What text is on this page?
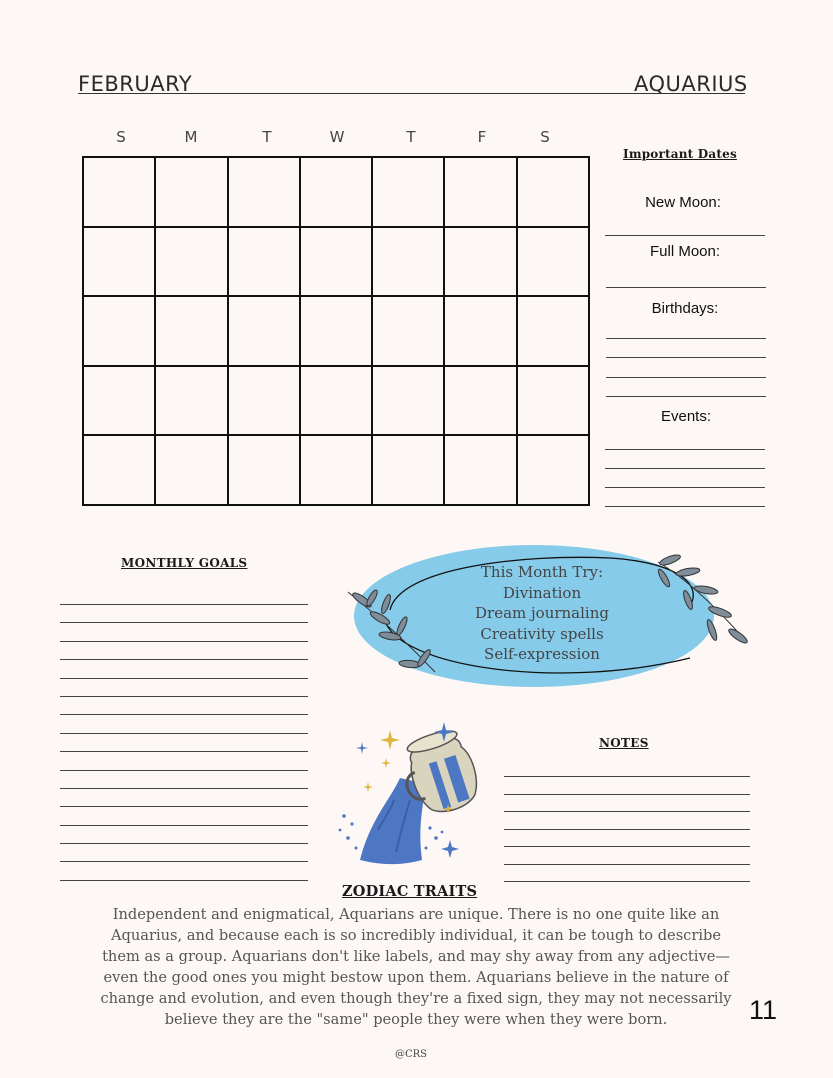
FEBRUARY	AQUARIUS
S	M	T	W	T	F	S
Important Dates
New Moon:
Full Moon:
Birthdays:
Events:
MONTHLY GOALS	This Month Try:
Divination
Dream journaling
Creativity spells
Self-expression
NOTES
ZODIAC TRAITS
Independent and enigmatical, Aquarians are unique. There is no one quite like an Aquarius, and because each is so incredibly individual, it can be tough to describe them as a group. Aquarians don't like labels, and may shy away from any adjective—even the good ones you might bestow upon them. Aquarians believe in the nature of change and evolution, and even though they're a fixed sign, they may not necessarily believe they are the "same" people they were when they were born.	11
@CRS
